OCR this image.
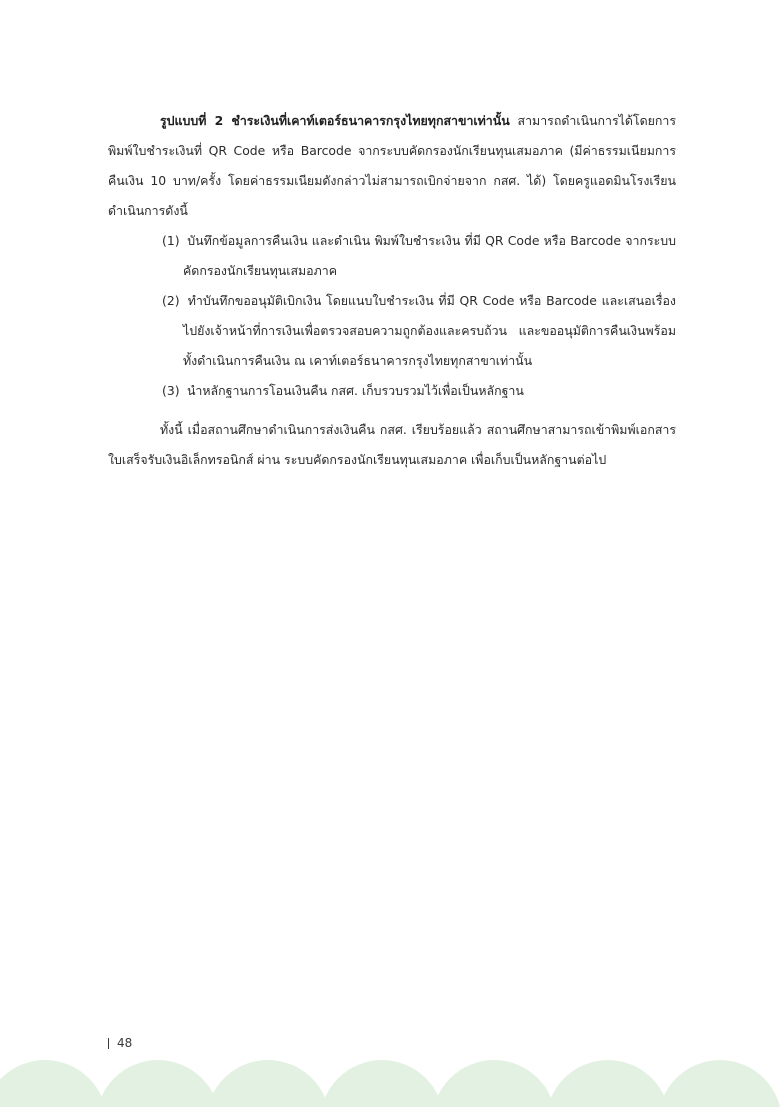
รูปแบบที่ 2 ชำระเงินที่เคาท์เตอร์ธนาคารกรุงไทยทุกสาขาเท่านั้น สามารถดำเนินการได้โดยการพิมพ์ใบชำระเงินที่ QR Code หรือ Barcode จากระบบคัดกรองนักเรียนทุนเสมอภาค (มีค่าธรรมเนียมการคืนเงิน 10 บาท/ครั้ง โดยค่าธรรมเนียมดังกล่าวไม่สามารถเบิกจ่ายจาก กสศ. ได้) โดยครูแอดมินโรงเรียนดำเนินการดังนี้

(1) บันทึกข้อมูลการคืนเงิน และดำเนิน พิมพ์ใบชำระเงิน ที่มี QR Code หรือ Barcode จากระบบคัดกรองนักเรียนทุนเสมอภาค
(2) ทำบันทึกขออนุมัติเบิกเงิน โดยแนบใบชำระเงิน ที่มี QR Code หรือ Barcode และเสนอเรื่องไปยังเจ้าหน้าที่การเงินเพื่อตรวจสอบความถูกต้องและครบถ้วน และขออนุมัติการคืนเงินพร้อมทั้งดำเนินการคืนเงิน ณ เคาท์เตอร์ธนาคารกรุงไทยทุกสาขาเท่านั้น
(3) นำหลักฐานการโอนเงินคืน กสศ. เก็บรวบรวมไว้เพื่อเป็นหลักฐาน

ทั้งนี้ เมื่อสถานศึกษาดำเนินการส่งเงินคืน กสศ. เรียบร้อยแล้ว สถานศึกษาสามารถเข้าพิมพ์เอกสารใบเสร็จรับเงินอิเล็กทรอนิกส์ ผ่าน ระบบคัดกรองนักเรียนทุนเสมอภาค เพื่อเก็บเป็นหลักฐานต่อไป

48
